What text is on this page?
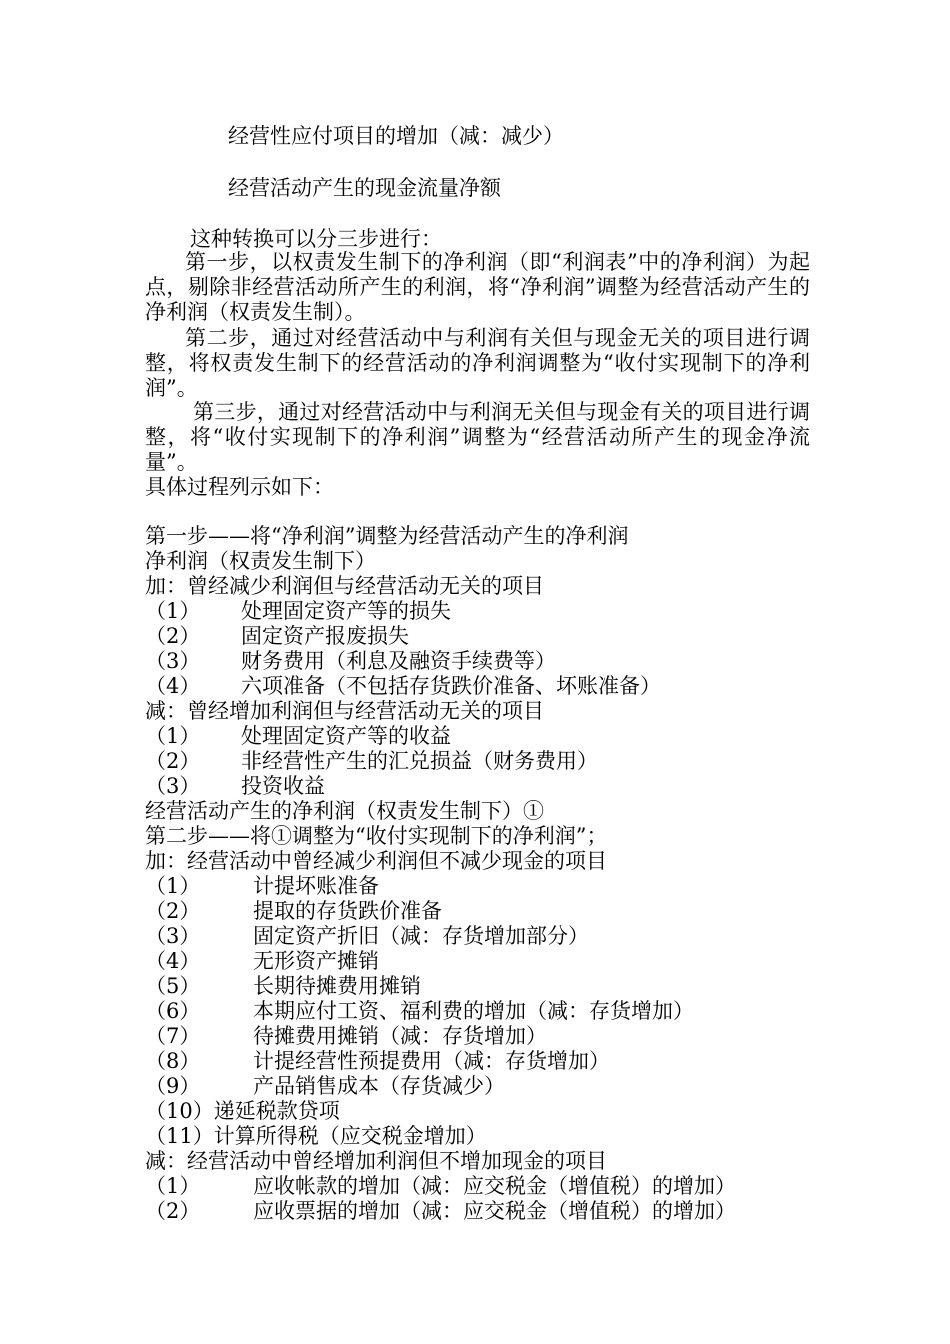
经营性应付项目的增加（减：减少）
经营活动产生的现金流量净额
这种转换可以分三步进行：
第一步，以权责发生制下的净利润（即“利润表”中的净利润）为起点，剔除非经营活动所产生的利润，将“净利润”调整为经营活动产生的净利润（权责发生制）。
第二步，通过对经营活动中与利润有关但与现金无关的项目进行调整，将权责发生制下的经营活动的净利润调整为“收付实现制下的净利润”。
第三步，通过对经营活动中与利润无关但与现金有关的项目进行调整，将“收付实现制下的净利润”调整为“经营活动所产生的现金净流量”。
具体过程列示如下：
第一步——将“净利润”调整为经营活动产生的净利润
净利润（权责发生制下）
加：曾经减少利润但与经营活动无关的项目
（1） 处理固定资产等的损失
（2） 固定资产报废损失
（3） 财务费用（利息及融资手续费等）
（4） 六项准备（不包括存货跌价准备、坏账准备）
减：曾经增加利润但与经营活动无关的项目
（1） 处理固定资产等的收益
（2） 非经营性产生的汇兑损益（财务费用）
（3） 投资收益
经营活动产生的净利润（权责发生制下）①
第二步——将①调整为“收付实现制下的净利润”；
加：经营活动中曾经减少利润但不减少现金的项目
（1）	计提坏账准备
（2）	提取的存货跌价准备
（3）	固定资产折旧（减：存货增加部分）
（4）	无形资产摊销
（5）	长期待摊费用摊销
（6）	本期应付工资、福利费的增加（减：存货增加）
（7）	待摊费用摊销（减：存货增加）
（8）	计提经营性预提费用（减：存货增加）
（9）	产品销售成本（存货减少）
（10）递延税款贷项
（11）计算所得税（应交税金增加）
减：经营活动中曾经增加利润但不增加现金的项目
（1）	应收帐款的增加（减：应交税金（增值税）的增加）
（2）	应收票据的增加（减：应交税金（增值税）的增加）
